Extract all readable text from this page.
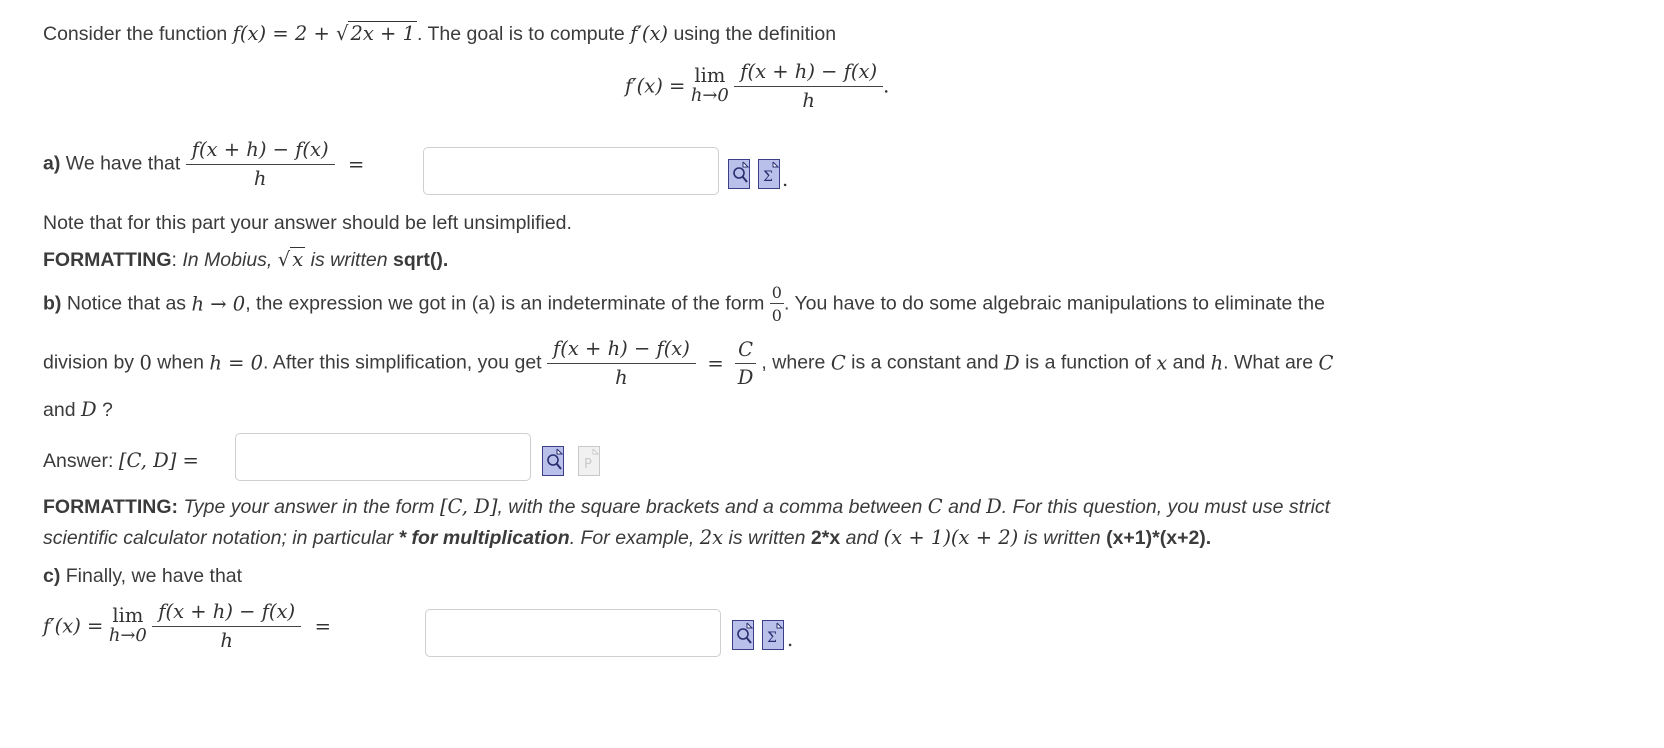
Consider the function f(x) = 2 + √ 2x + 1 . The goal is to compute f′(x) using the definition
f′(x) = lim
h→0
$\frac{f(x + h) - f(x)}{h}$ .
a) We have that $\frac{f(x + h) - f(x)}{h}$ =
Σ .
Note that for this part your answer should be left unsimplified.
FORMATTING: In Mobius, √ x is written sqrt().
b) Notice that as h → 0, the expression we got in (a) is an indeterminate of the form $\frac{0}{0}$ . You have to do some algebraic manipulations to eliminate the
division by 0 when h = 0. After this simplification, you get $\frac{f(x + h) - f(x)}{h} = \frac{C}{D}$ , where C is a constant and D is a function of x and h. What are C
and D ?
Answer: [C, D] =	P
FORMATTING: Type your answer in the form [C, D], with the square brackets and a comma between C and D. For this question, you must use strict
scientific calculator notation; in particular * for multiplication. For example, 2x is written 2*x and (x + 1)(x + 2) is written (x+1)*(x+2).
c) Finally, we have that
f′(x) = lim
h→0
$\frac{f(x + h) - f(x)}{h}$ =
Σ .
